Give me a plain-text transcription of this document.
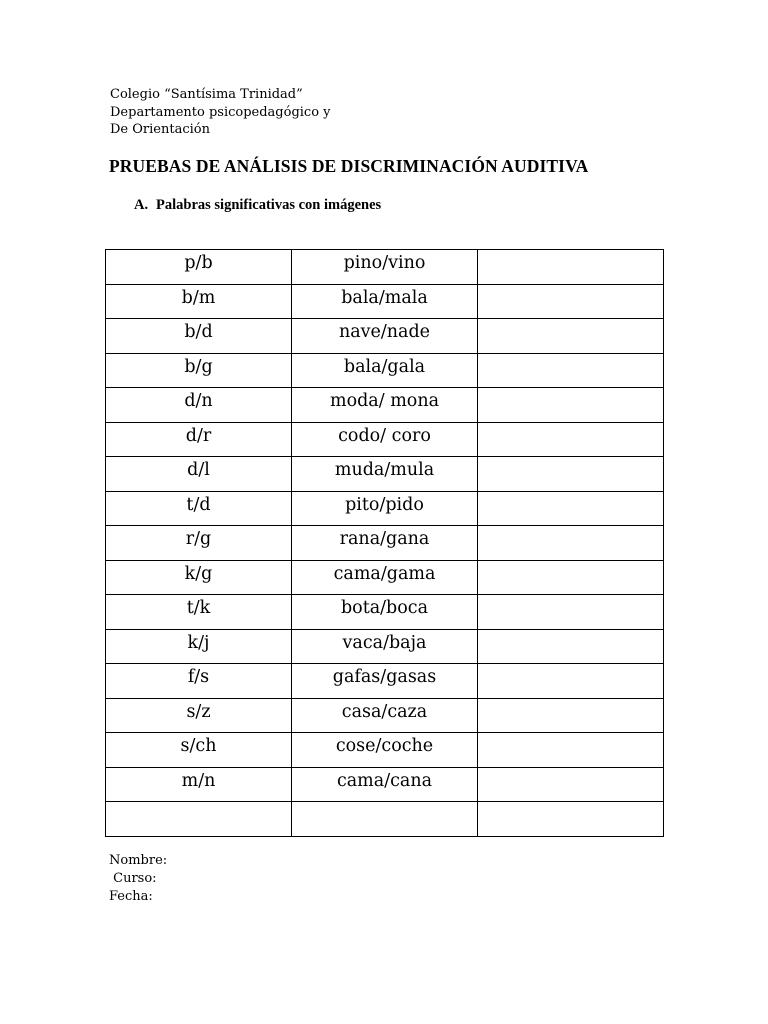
Colegio “Santísima Trinidad”
Departamento psicopedagógico y
De Orientación
PRUEBAS DE ANÁLISIS DE DISCRIMINACIÓN AUDITIVA
A. Palabras significativas con imágenes
p/b	pino/vino	
b/m	bala/mala	
b/d	nave/nade	
b/g	bala/gala	
d/n	moda/ mona	
d/r	codo/ coro	
d/l	muda/mula	
t/d	pito/pido	
r/g	rana/gana	
k/g	cama/gama	
t/k	bota/boca	
k/j	vaca/baja	
f/s	gafas/gasas	
s/z	casa/caza	
s/ch	cose/coche	
m/n	cama/cana	

Nombre:
Curso:
Fecha:
